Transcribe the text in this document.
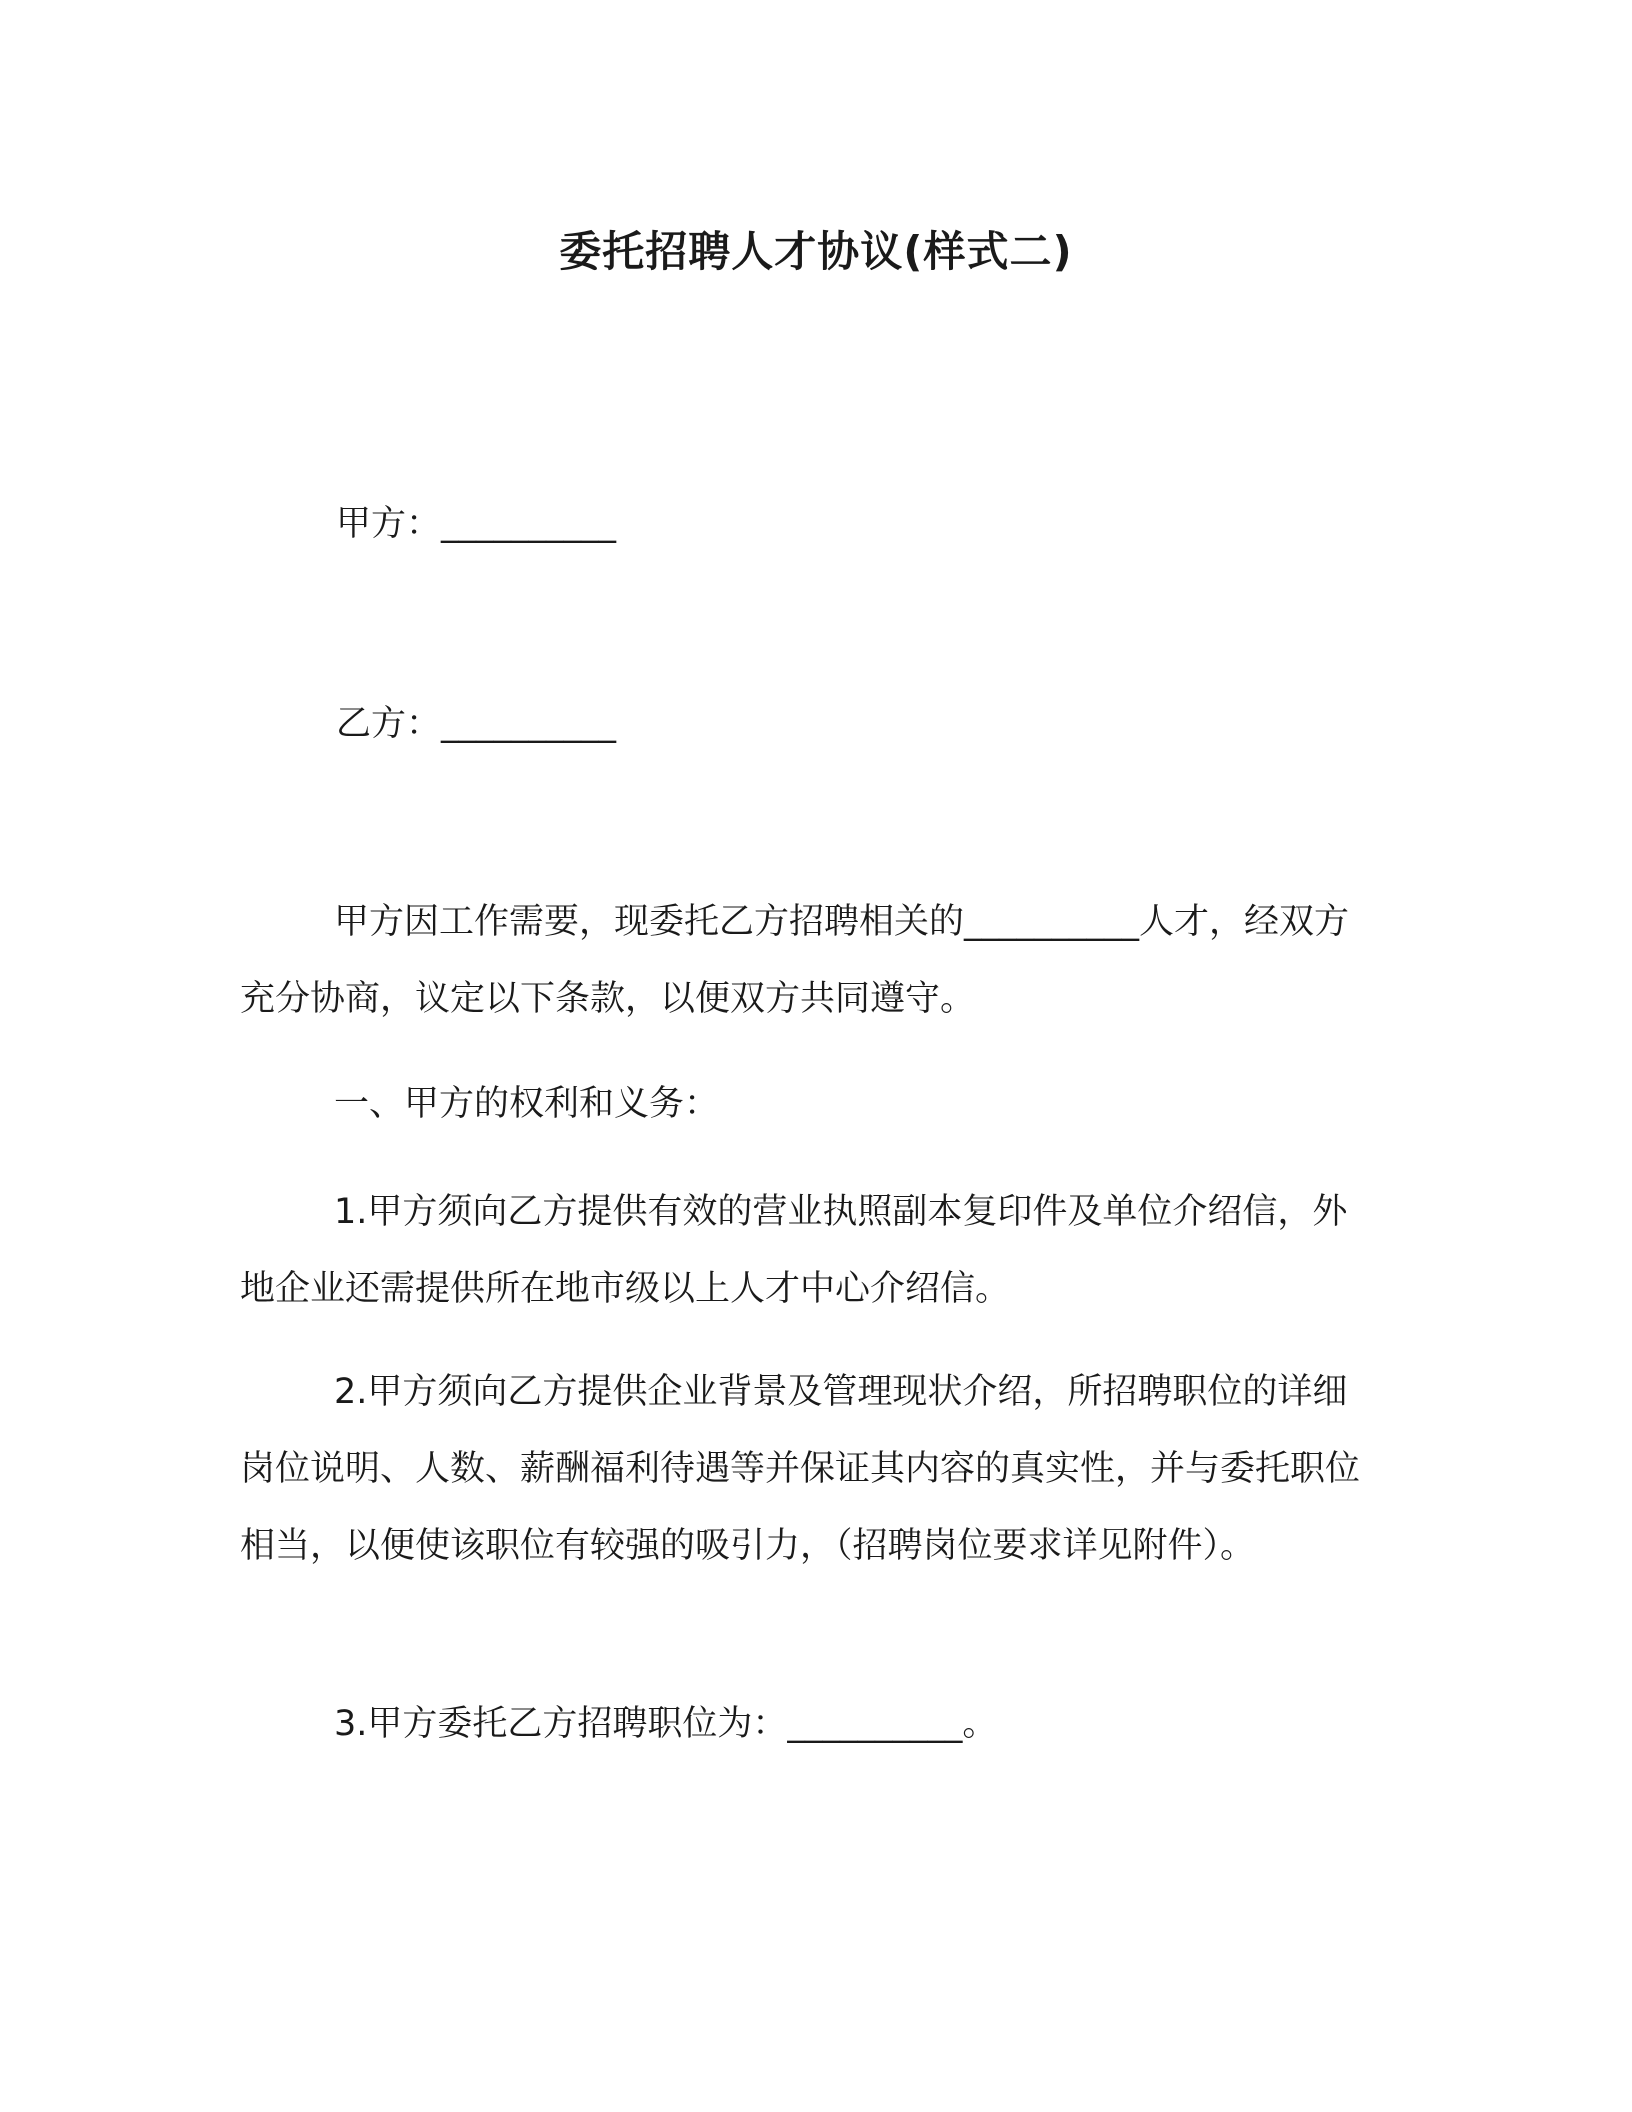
委托招聘人才协议(样式二)

甲方：__________

乙方：__________

甲方因工作需要，现委托乙方招聘相关的__________人才，经双方充分协商，议定以下条款，以便双方共同遵守。

一、甲方的权利和义务：

1.甲方须向乙方提供有效的营业执照副本复印件及单位介绍信，外地企业还需提供所在地市级以上人才中心介绍信。

2.甲方须向乙方提供企业背景及管理现状介绍，所招聘职位的详细岗位说明、人数、薪酬福利待遇等并保证其内容的真实性，并与委托职位相当，以便使该职位有较强的吸引力，（招聘岗位要求详见附件）。

3.甲方委托乙方招聘职位为：__________。
